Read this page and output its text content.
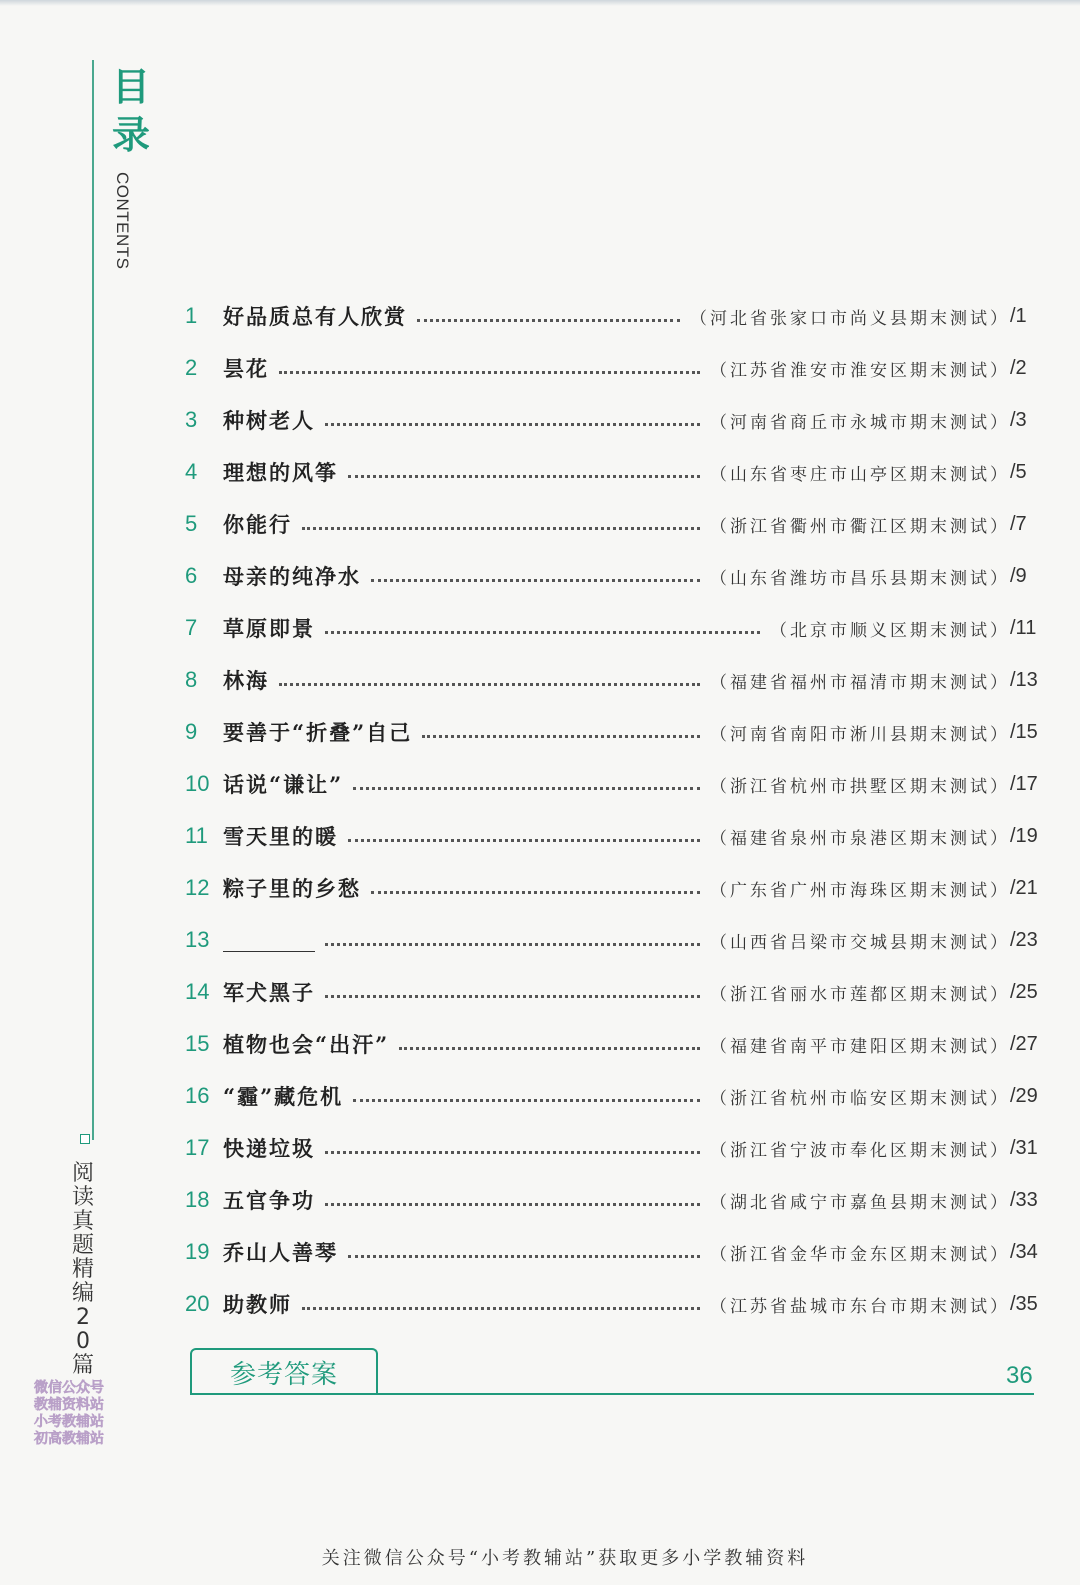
目
录
CONTENTS
阅读真题精编20篇
1	好品质总有人欣赏	（河北省张家口市尚义县期末测试） /1
2	昙花	（江苏省淮安市淮安区期末测试） /2
3	种树老人	（河南省商丘市永城市期末测试） /3
4	理想的风筝	（山东省枣庄市山亭区期末测试） /5
5	你能行	（浙江省衢州市衢江区期末测试） /7
6	母亲的纯净水	（山东省潍坊市昌乐县期末测试） /9
7	草原即景	（北京市顺义区期末测试） /11
8	林海	（福建省福州市福清市期末测试） /13
9	要善于“折叠”自己	（河南省南阳市淅川县期末测试） /15
10 话说“谦让”	（浙江省杭州市拱墅区期末测试） /17
11 雪天里的暖	（福建省泉州市泉港区期末测试） /19
12 粽子里的乡愁	（广东省广州市海珠区期末测试） /21
13	（山西省吕梁市交城县期末测试） /23
14 军犬黑子	（浙江省丽水市莲都区期末测试） /25
15 植物也会“出汗”	（福建省南平市建阳区期末测试） /27
16 “霾”藏危机	（浙江省杭州市临安区期末测试） /29
17 快递垃圾	（浙江省宁波市奉化区期末测试） /31
18 五官争功	（湖北省咸宁市嘉鱼县期末测试） /33
19 乔山人善琴	（浙江省金华市金东区期末测试） /34
20 助教师	（江苏省盐城市东台市期末测试） /35
参考答案	36
微信公众号
教辅资料站
小考教辅站
初高教辅站
关注微信公众号“小考教辅站”获取更多小学教辅资料
